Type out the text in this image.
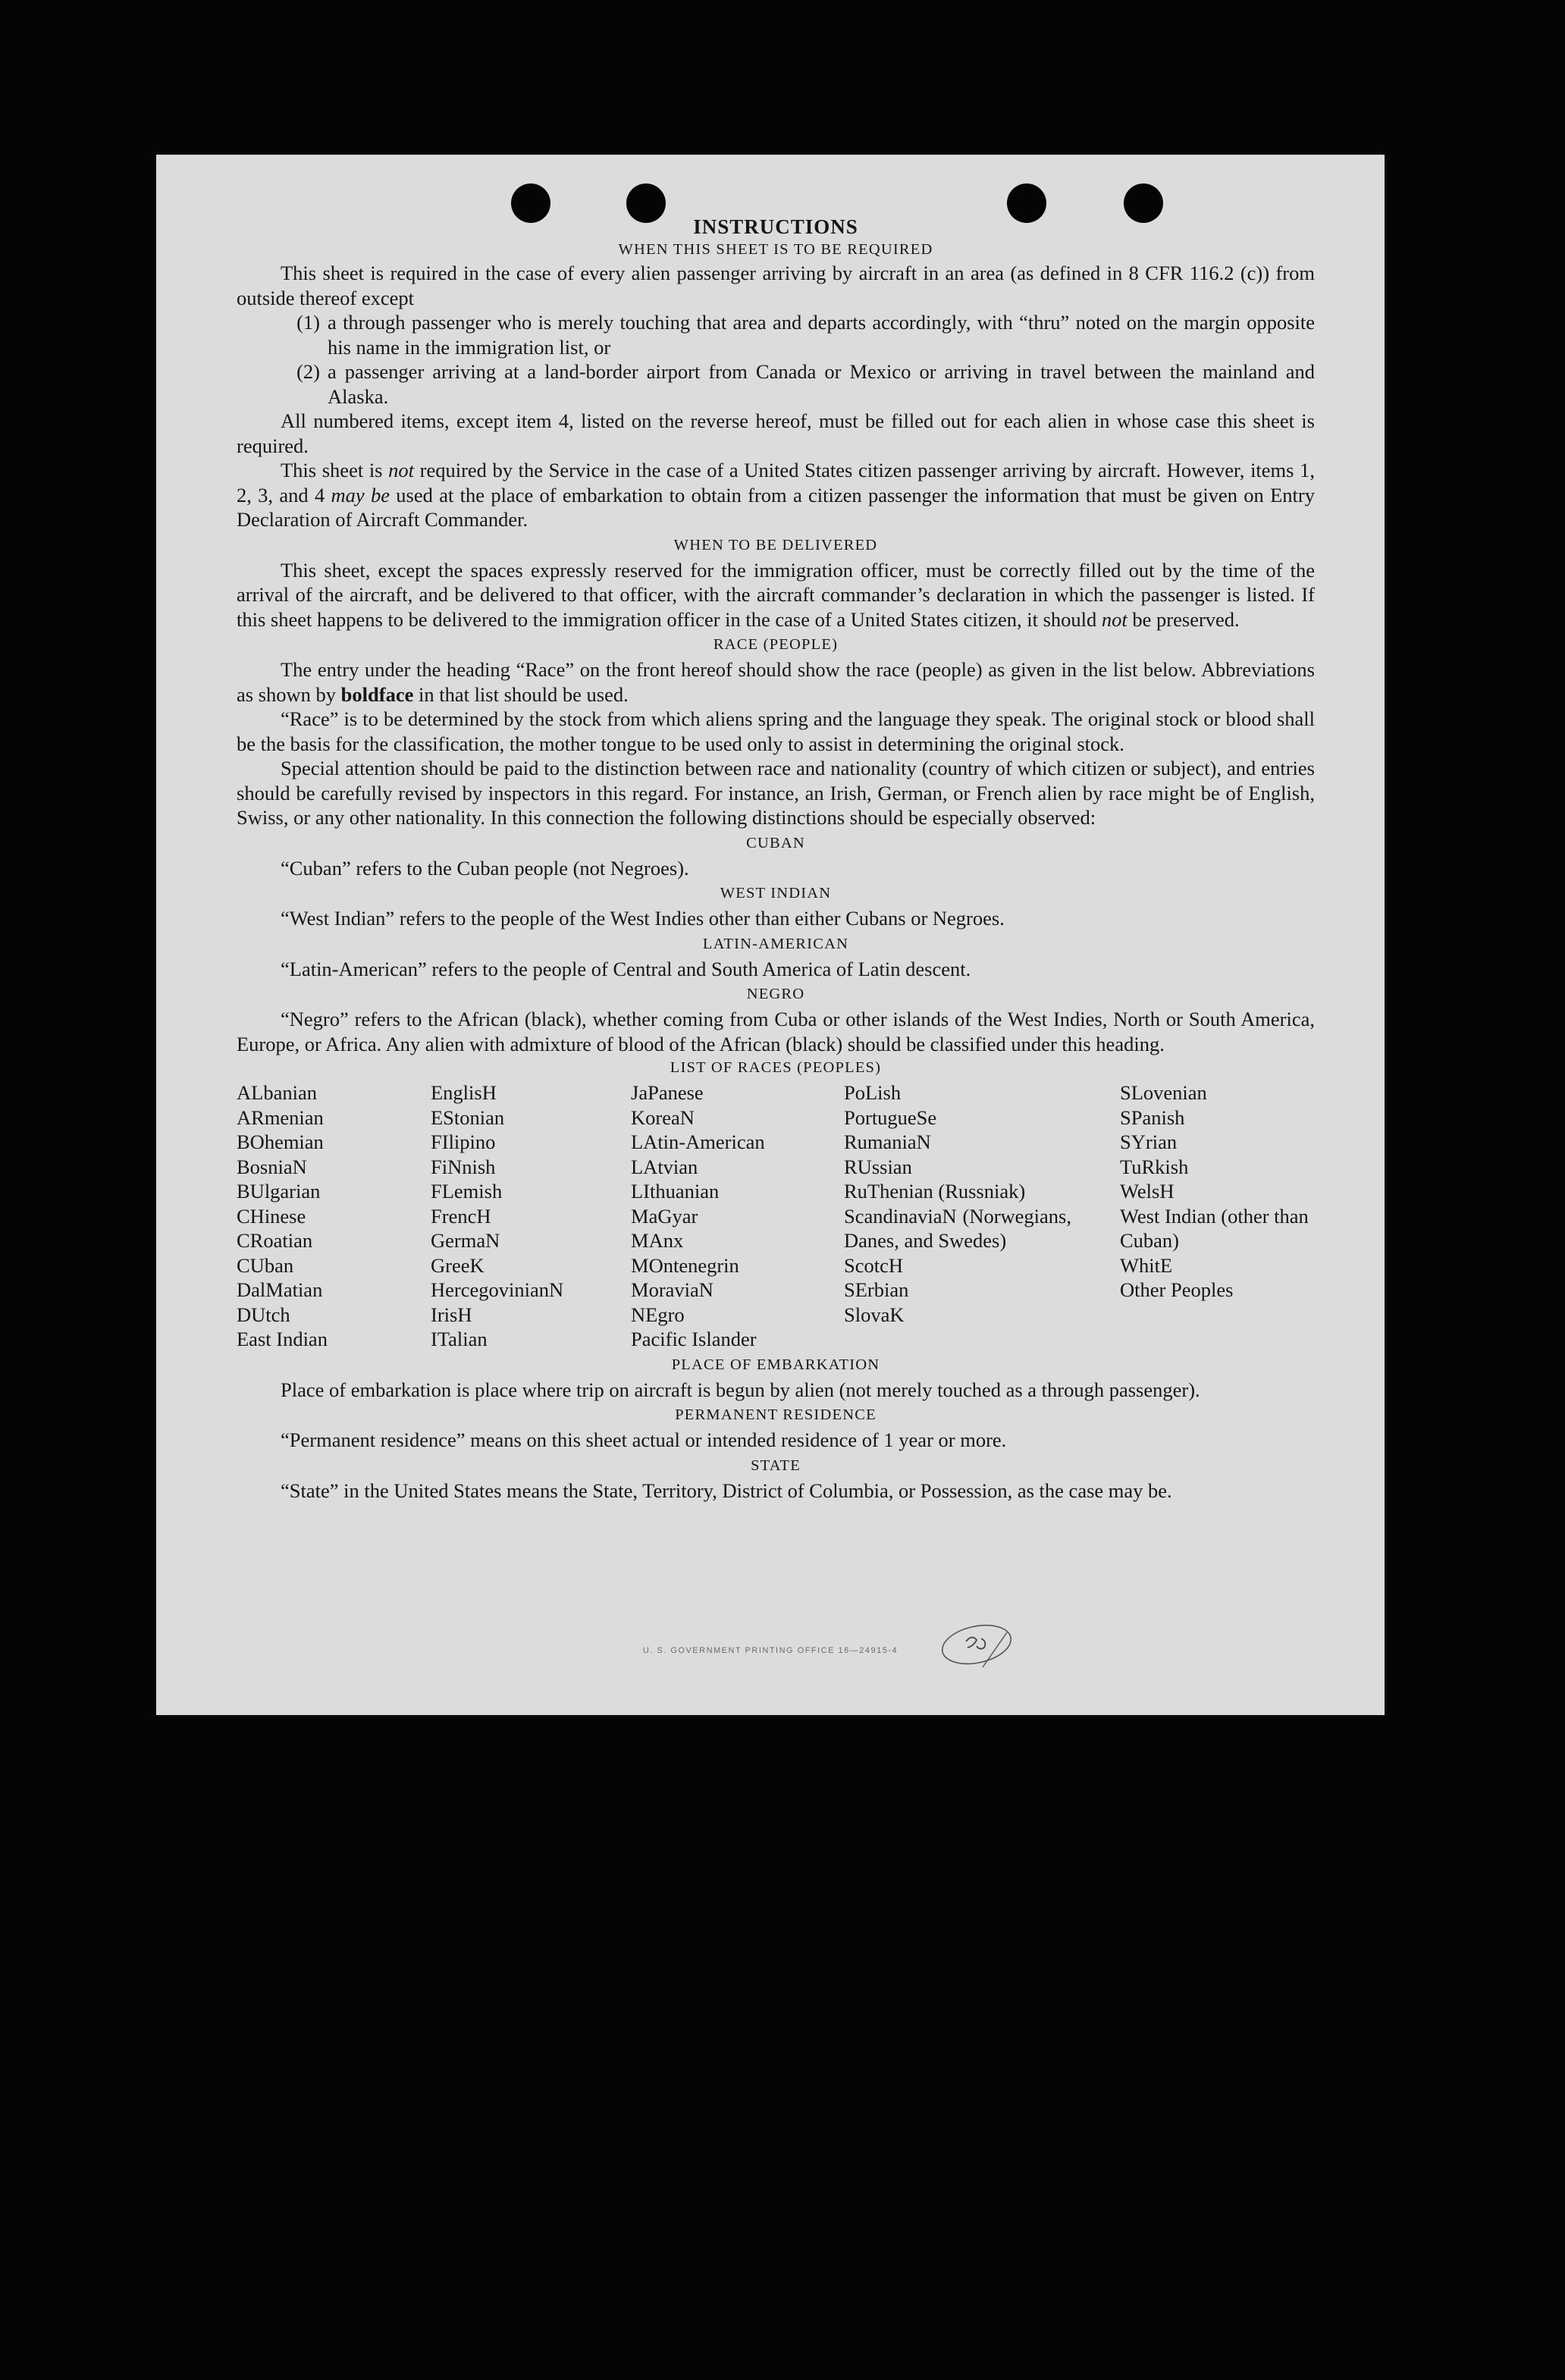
INSTRUCTIONS
WHEN THIS SHEET IS TO BE REQUIRED

This sheet is required in the case of every alien passenger arriving by aircraft in an area (as defined in 8 CFR 116.2 (c)) from outside thereof except

(1) a through passenger who is merely touching that area and departs accordingly, with “thru” noted on the margin opposite his name in the immigration list, or
(2) a passenger arriving at a land-border airport from Canada or Mexico or arriving in travel between the mainland and Alaska.

All numbered items, except item 4, listed on the reverse hereof, must be filled out for each alien in whose case this sheet is required.

This sheet is not required by the Service in the case of a United States citizen passenger arriving by aircraft. However, items 1, 2, 3, and 4 may be used at the place of embarkation to obtain from a citizen passenger the information that must be given on Entry Declaration of Aircraft Commander.

WHEN TO BE DELIVERED

This sheet, except the spaces expressly reserved for the immigration officer, must be correctly filled out by the time of the arrival of the aircraft, and be delivered to that officer, with the aircraft commander’s declaration in which the passenger is listed. If this sheet happens to be delivered to the immigration officer in the case of a United States citizen, it should not be preserved.

RACE (PEOPLE)

The entry under the heading “Race” on the front hereof should show the race (people) as given in the list below. Abbreviations as shown by boldface in that list should be used.

“Race” is to be determined by the stock from which aliens spring and the language they speak. The original stock or blood shall be the basis for the classification, the mother tongue to be used only to assist in determining the original stock.

Special attention should be paid to the distinction between race and nationality (country of which citizen or subject), and entries should be carefully revised by inspectors in this regard. For instance, an Irish, German, or French alien by race might be of English, Swiss, or any other nationality. In this connection the following distinctions should be especially observed:

CUBAN

“Cuban” refers to the Cuban people (not Negroes).

WEST INDIAN

“West Indian” refers to the people of the West Indies other than either Cubans or Negroes.

LATIN-AMERICAN

“Latin-American” refers to the people of Central and South America of Latin descent.

NEGRO

“Negro” refers to the African (black), whether coming from Cuba or other islands of the West Indies, North or South America, Europe, or Africa. Any alien with admixture of blood of the African (black) should be classified under this heading.

LIST OF RACES (PEOPLES)
ALbanian
ARmenian
BOhemian
BosniaN
BUlgarian
CHinese
CRoatian
CUban
DalMatian
DUtch
East Indian
EnglisH
EStonian
FIlipino
FiNnish
FLemish
FrencH
GermaN
GreeK
HercegovinianN
IrisH
ITalian
JaPanese
KoreaN
LAtin-American
LAtvian
LIthuanian
MaGyar
MAnx
MOntenegrin
MoraviaN
NEgro
Pacific Islander
PoLish
PortugueSe
RumaniaN
RUssian
RuThenian (Russniak)
ScandinaviaN (Norwegians, Danes, and Swedes)
ScotcH
SErbian
SlovaK
SLovenian
SPanish
SYrian
TuRkish
WelsH
West Indian (other than Cuban)
WhitE
Other Peoples
PLACE OF EMBARKATION

Place of embarkation is place where trip on aircraft is begun by alien (not merely touched as a through passenger).

PERMANENT RESIDENCE

“Permanent residence” means on this sheet actual or intended residence of 1 year or more.

STATE

“State” in the United States means the State, Territory, District of Columbia, or Possession, as the case may be.

U. S. GOVERNMENT PRINTING OFFICE 16—24915-4
